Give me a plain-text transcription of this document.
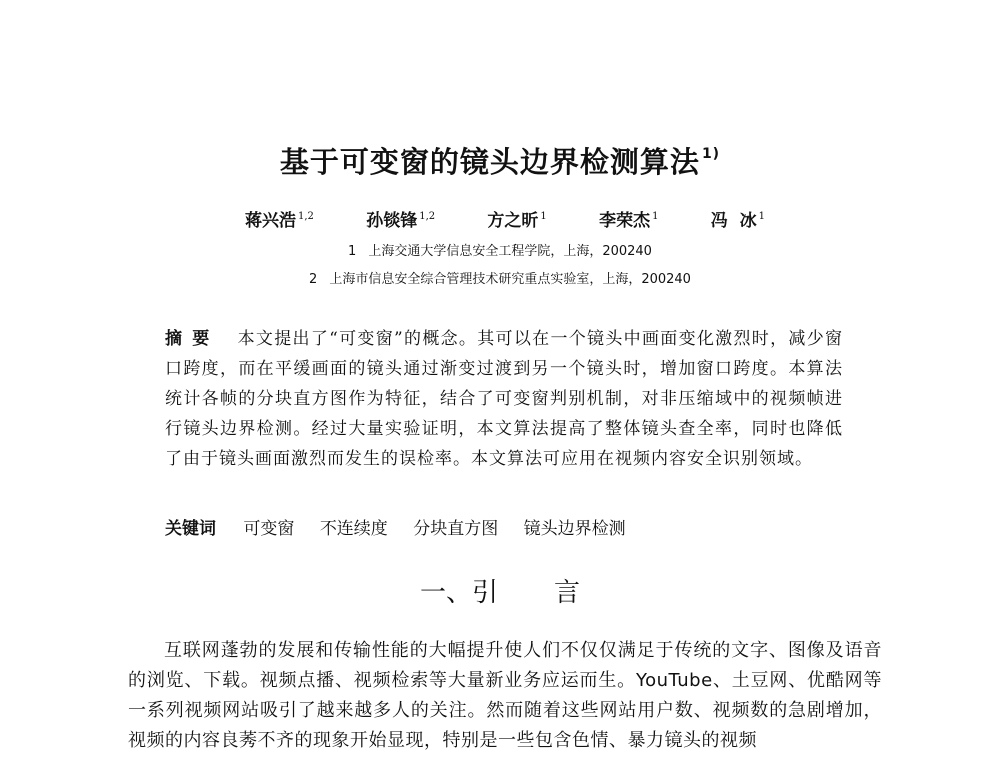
基于可变窗的镜头边界检测算法 $^{1)}$
蒋兴浩 $^{1,2}$	孙锬锋 $^{1,2}$	方之昕 $^1$	李荣杰 $^1$	冯  冰 $^1$
1 上海交通大学信息安全工程学院，上海，200240
2 上海市信息安全综合管理技术研究重点实验室，上海，200240
摘要 本文提出了“可变窗”的概念。其可以在一个镜头中画面变化激烈时，减少窗口跨度，而在平缓画面的镜头通过渐变过渡到另一个镜头时，增加窗口跨度。本算法统计各帧的分块直方图作为特征，结合了可变窗判别机制，对非压缩域中的视频帧进行镜头边界检测。经过大量实验证明，本文算法提高了整体镜头查全率，同时也降低了由于镜头画面激烈而发生的误检率。本文算法可应用在视频内容安全识别领域。
关键词 可变窗 不连续度 分块直方图 镜头边界检测
一、引 言
互联网蓬勃的发展和传输性能的大幅提升使人们不仅仅满足于传统的文字、图像及语音的浏览、下载。视频点播、视频检索等大量新业务应运而生。YouTube、土豆网、优酷网等一系列视频网站吸引了越来越多人的关注。然而随着这些网站用户数、视频数的急剧增加，视频的内容良莠不齐的现象开始显现，特别是一些包含色情、暴力镜头的视频
